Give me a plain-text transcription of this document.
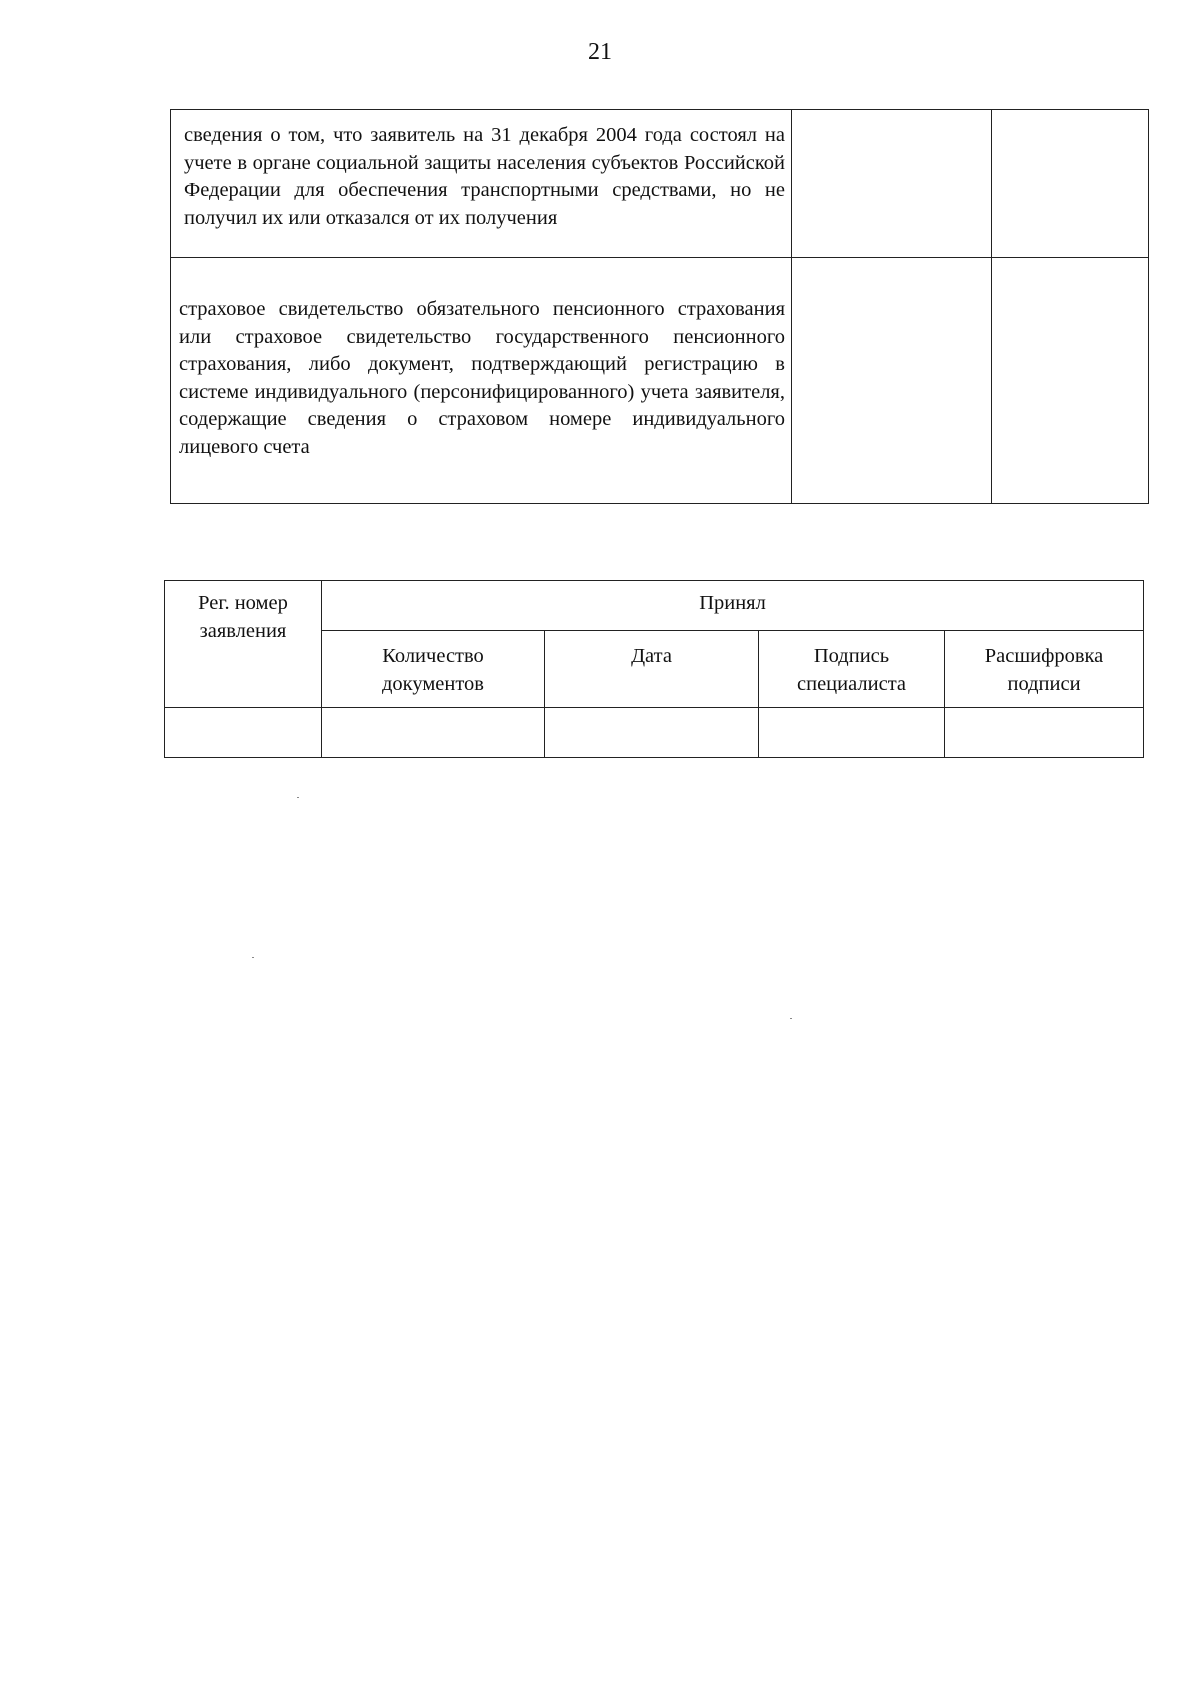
21
сведения о том, что заявитель на 31 декабря 2004 года состоял на учете в органе социальной защиты населения субъектов Российской Федерации для обеспечения транспортными средствами, но не получил их или отказался от их получения		

страховое свидетельство обязательного пенсионного страхования или страховое свидетельство государственного пенсионного страхования, либо документ, подтверждающий регистрацию в системе индивидуального (персонифицированного) учета заявителя, содержащие сведения о страховом номере индивидуального лицевого счета		

Рег. номер заявления	Принял			

	Количество документов	Дата	Подпись специалиста	Расшифровка подписи
